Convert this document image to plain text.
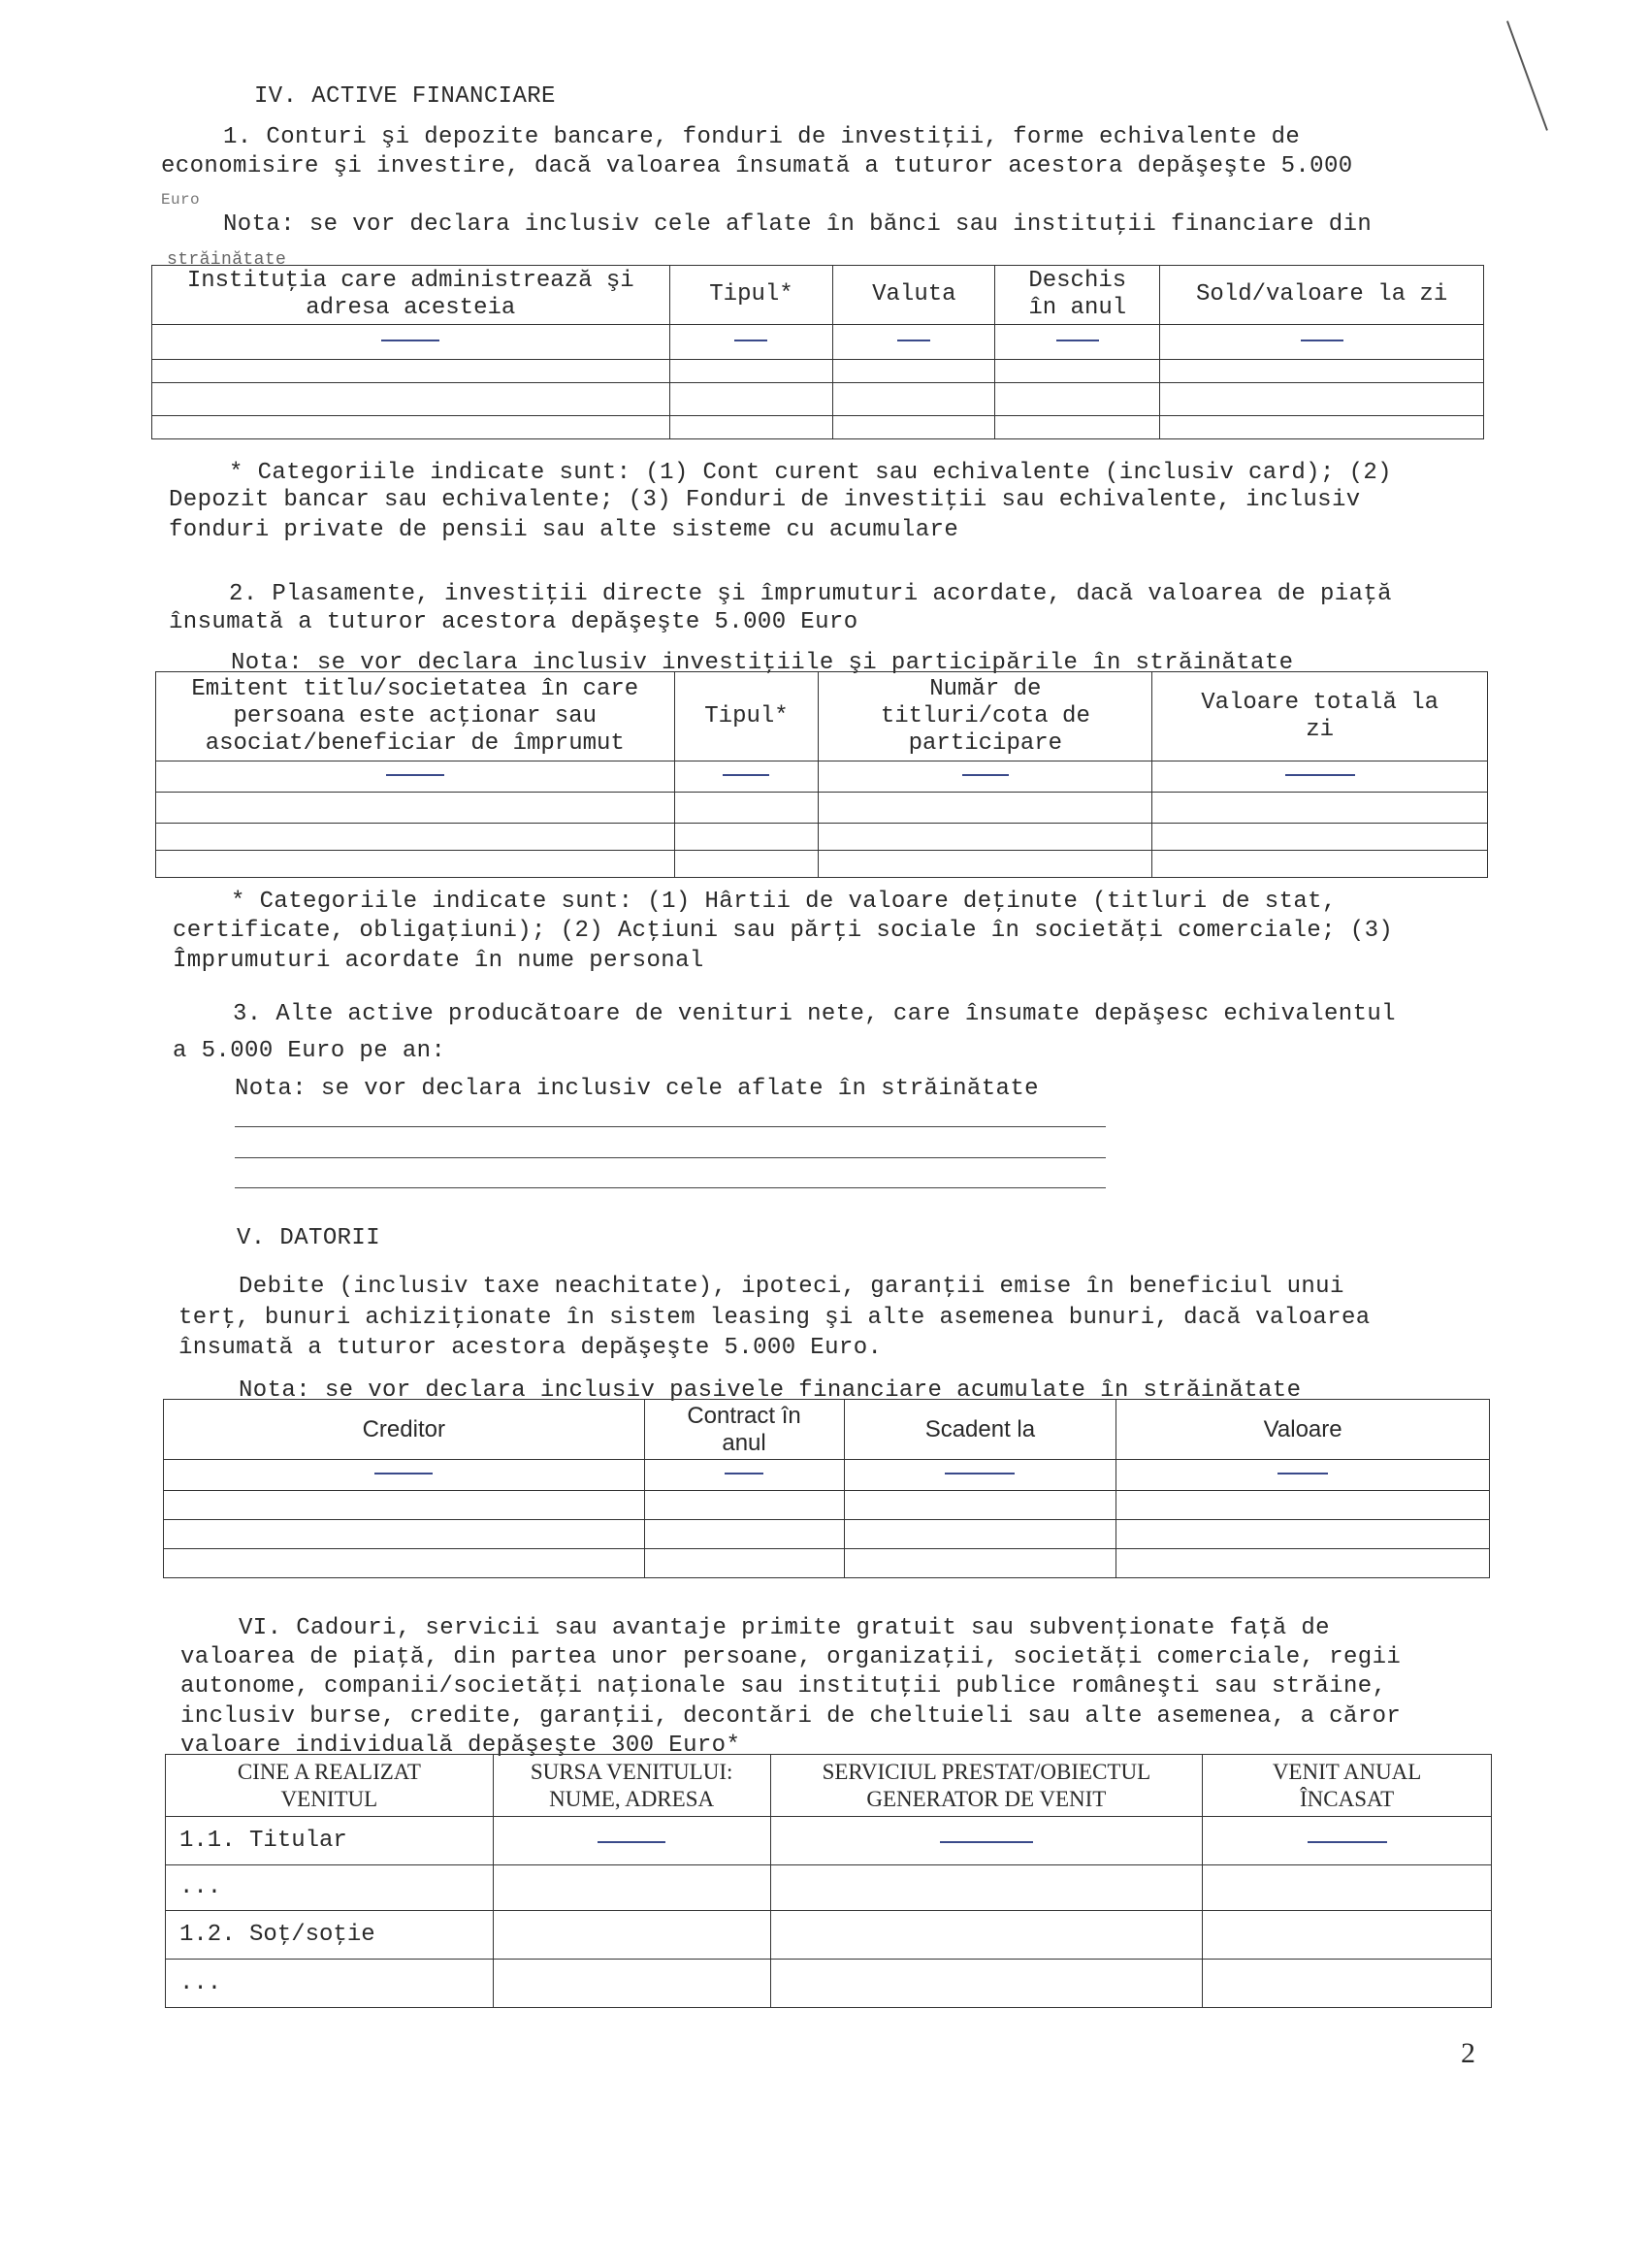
IV. ACTIVE FINANCIARE
1. Conturi şi depozite bancare, fonduri de investiţii, forme echivalente de
economisire şi investire, dacă valoarea însumată a tuturor acestora depăşeşte 5.000
Euro
Nota: se vor declara inclusiv cele aflate în bănci sau instituţii financiare din
străinătate
Instituţia care administrează şi adresa acesteia	Tipul*	Valuta	Deschis în anul	Sold/valoare la zi

* Categoriile indicate sunt: (1) Cont curent sau echivalente (inclusiv card); (2)
Depozit bancar sau echivalente; (3) Fonduri de investiţii sau echivalente, inclusiv
fonduri private de pensii sau alte sisteme cu acumulare
2. Plasamente, investiţii directe şi împrumuturi acordate, dacă valoarea de piaţă
însumată a tuturor acestora depăşeşte 5.000 Euro
Nota: se vor declara inclusiv investiţiile şi participările în străinătate
Emitent titlu/societatea în care persoana este acţionar sau asociat/beneficiar de împrumut	Tipul*	Număr de titluri/cota de participare	Valoare totală la zi

* Categoriile indicate sunt: (1) Hârtii de valoare deţinute (titluri de stat,
certificate, obligaţiuni); (2) Acţiuni sau părţi sociale în societăţi comerciale; (3)
Împrumuturi acordate în nume personal
3. Alte active producătoare de venituri nete, care însumate depăşesc echivalentul
a 5.000 Euro pe an:
Nota: se vor declara inclusiv cele aflate în străinătate
V. DATORII
Debite (inclusiv taxe neachitate), ipoteci, garanţii emise în beneficiul unui
terţ, bunuri achiziţionate în sistem leasing şi alte asemenea bunuri, dacă valoarea
însumată a tuturor acestora depăşeşte 5.000 Euro.
Nota: se vor declara inclusiv pasivele financiare acumulate în străinătate
Creditor	Contract în anul	Scadent la	Valoare

VI. Cadouri, servicii sau avantaje primite gratuit sau subvenţionate faţă de
valoarea de piaţă, din partea unor persoane, organizaţii, societăţi comerciale, regii
autonome, companii/societăţi naţionale sau instituţii publice româneşti sau străine,
inclusiv burse, credite, garanţii, decontări de cheltuieli sau alte asemenea, a căror
valoare individuală depăşeşte 300 Euro*
CINE A REALIZAT VENITUL	SURSA VENITULUI: NUME, ADRESA	SERVICIUL PRESTAT/OBIECTUL GENERATOR DE VENIT	VENIT ANUAL ÎNCASAT
1.1. Titular			
...			
1.2. Soţ/soţie			
...			
2
